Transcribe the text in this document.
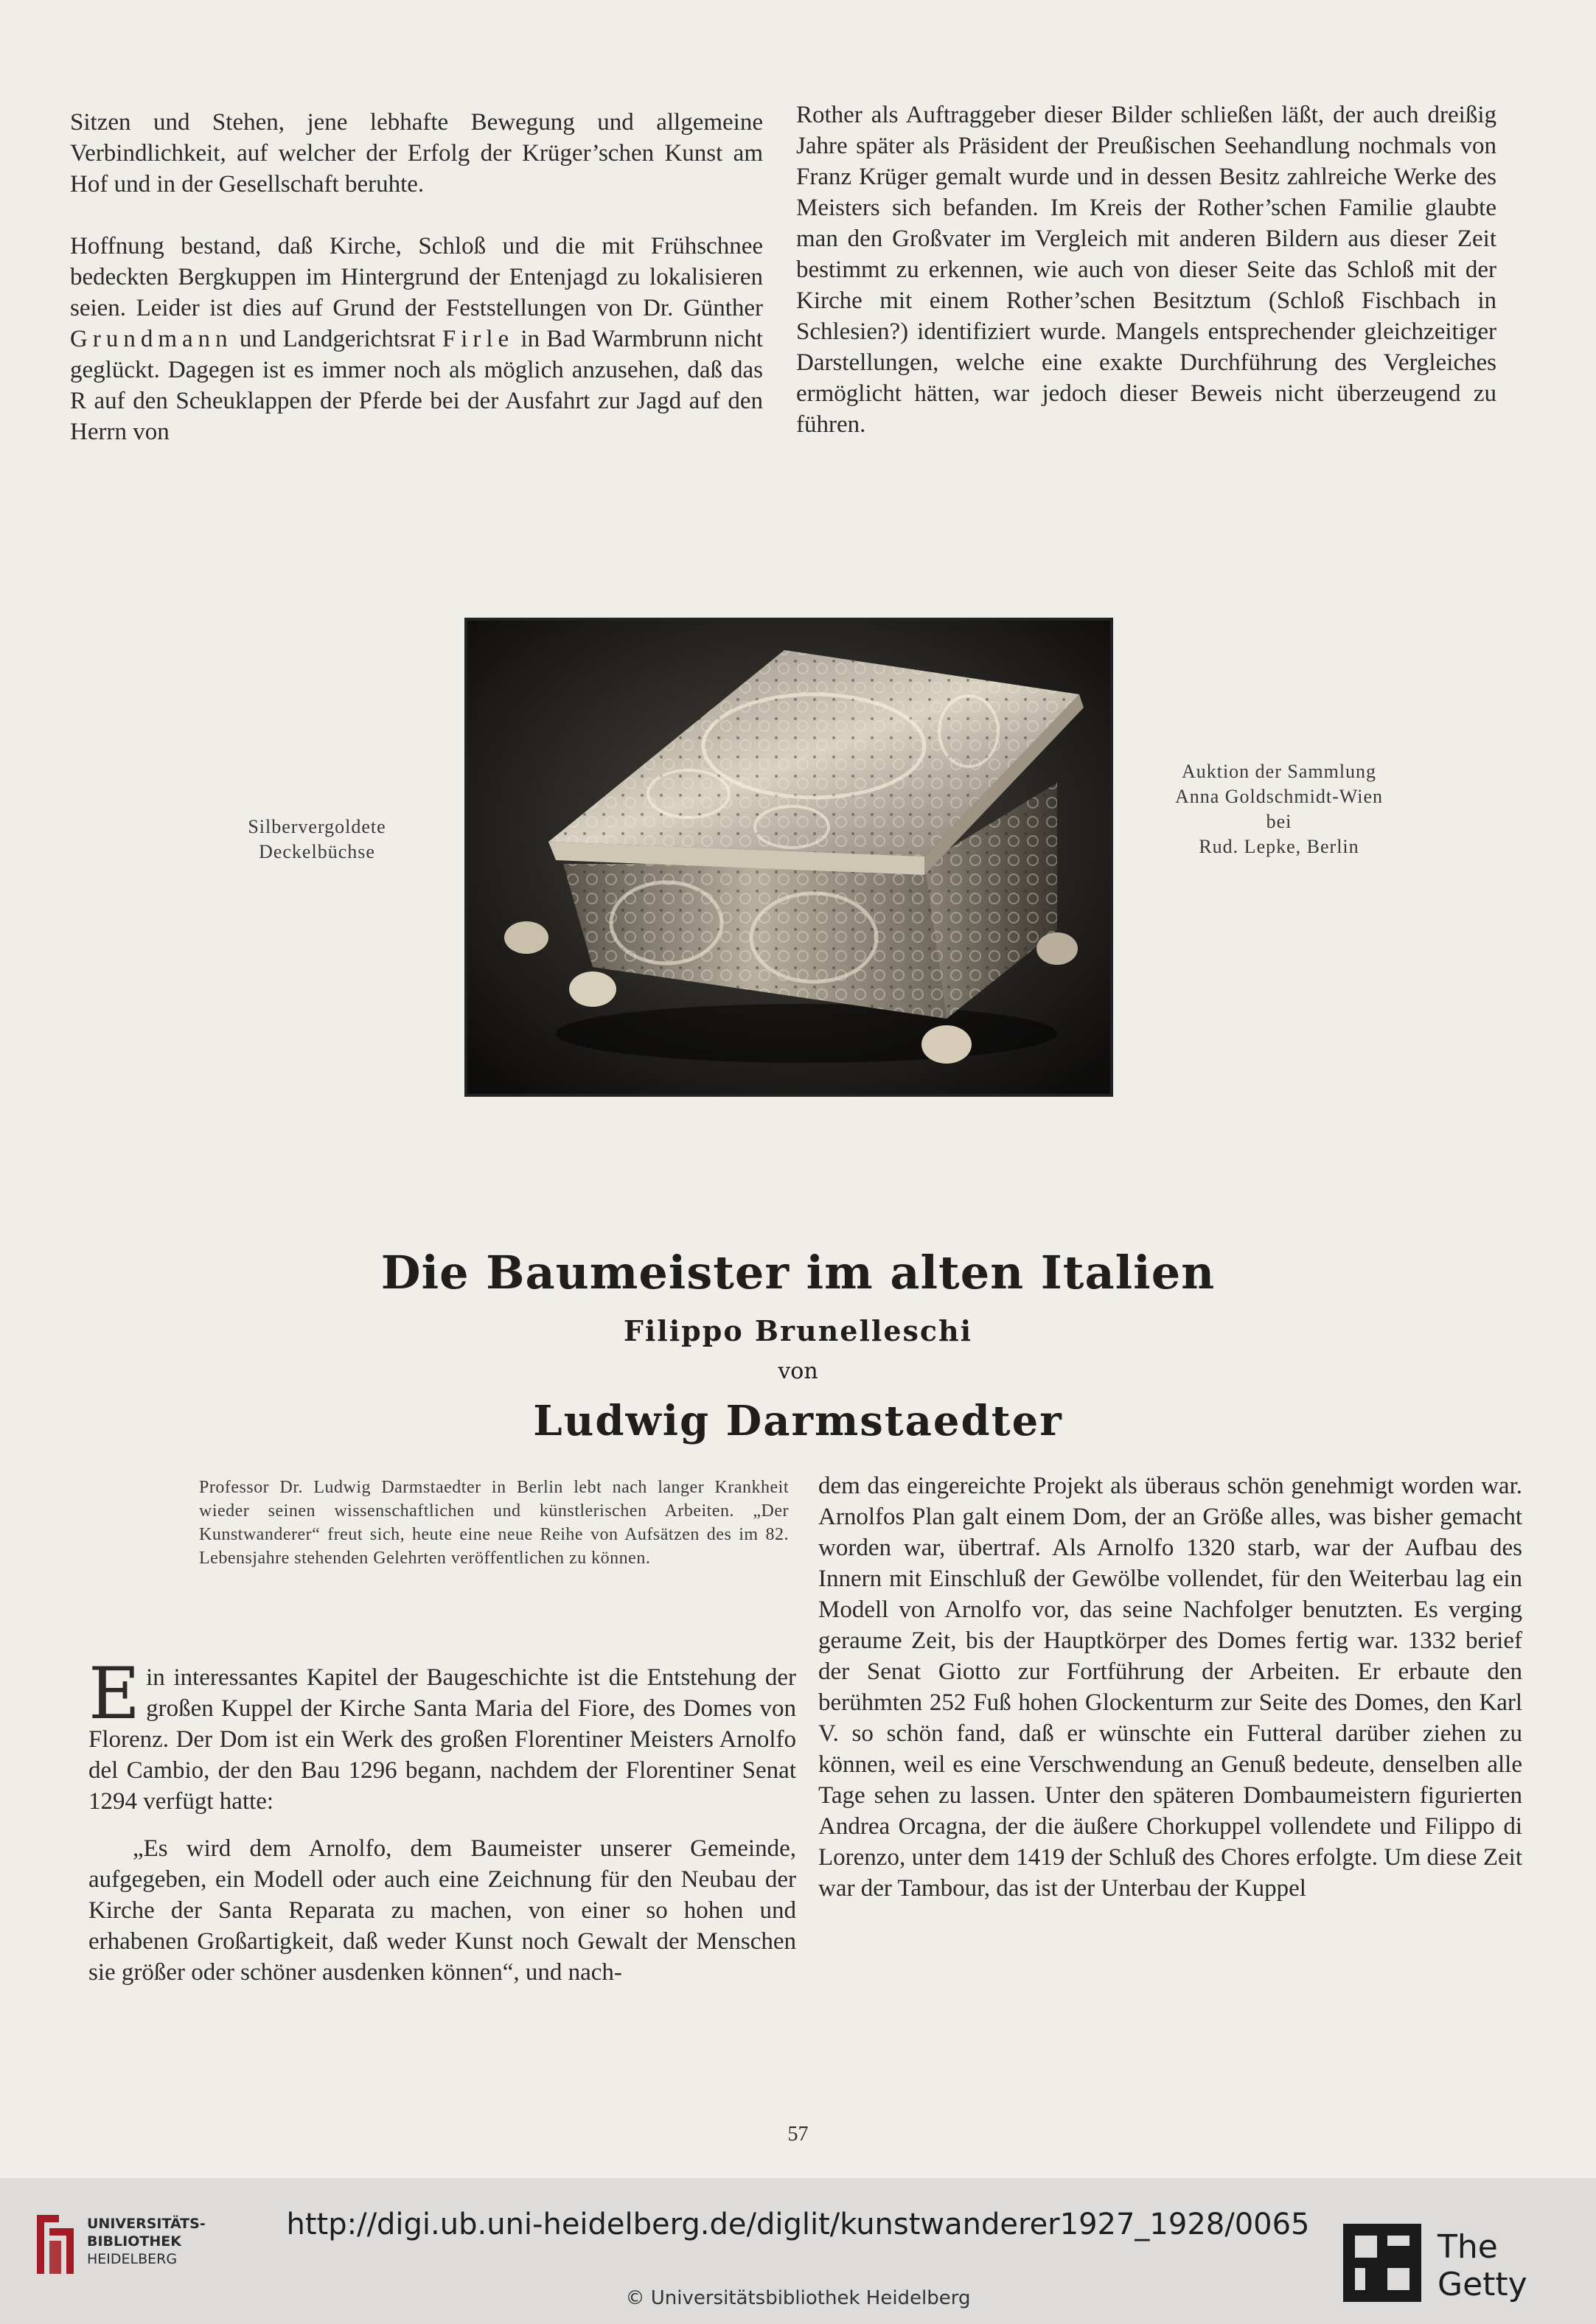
Sitzen und Stehen, jene lebhafte Bewegung und allgemeine Verbindlichkeit, auf welcher der Erfolg der Krüger’schen Kunst am Hof und in der Gesellschaft beruhte.

Hoffnung bestand, daß Kirche, Schloß und die mit Frühschnee bedeckten Bergkuppen im Hintergrund der Entenjagd zu lokalisieren seien. Leider ist dies auf Grund der Feststellungen von Dr. Günther Grundmann und Landgerichtsrat Firle in Bad Warmbrunn nicht geglückt. Dagegen ist es immer noch als möglich anzusehen, daß das R auf den Scheuklappen der Pferde bei der Ausfahrt zur Jagd auf den Herrn von

Rother als Auftraggeber dieser Bilder schließen läßt, der auch dreißig Jahre später als Präsident der Preußischen Seehandlung nochmals von Franz Krüger gemalt wurde und in dessen Besitz zahlreiche Werke des Meisters sich befanden. Im Kreis der Rother’schen Familie glaubte man den Großvater im Vergleich mit anderen Bildern aus dieser Zeit bestimmt zu erkennen, wie auch von dieser Seite das Schloß mit der Kirche mit einem Rother’schen Besitztum (Schloß Fischbach in Schlesien?) identifiziert wurde. Mangels entsprechender gleichzeitiger Darstellungen, welche eine exakte Durchführung des Vergleiches ermöglicht hätten, war jedoch dieser Beweis nicht überzeugend zu führen.

Silbervergoldete
Deckelbüchse
Auktion der Sammlung
Anna Goldschmidt-Wien
bei
Rud. Lepke, Berlin
Die Baumeister im alten Italien
Filippo Brunelleschi
von
Ludwig Darmstaedter
Professor Dr. Ludwig Darmstaedter in Berlin lebt nach langer Krankheit wieder seinen wissenschaftlichen und künstlerischen Arbeiten. „Der Kunstwanderer“ freut sich, heute eine neue Reihe von Aufsätzen des im 82. Lebensjahre stehenden Gelehrten veröffentlichen zu können.

Ein interessantes Kapitel der Baugeschichte ist die Entstehung der großen Kuppel der Kirche Santa Maria del Fiore, des Domes von Florenz. Der Dom ist ein Werk des großen Florentiner Meisters Arnolfo del Cambio, der den Bau 1296 begann, nachdem der Florentiner Senat 1294 verfügt hatte:

„Es wird dem Arnolfo, dem Baumeister unserer Gemeinde, aufgegeben, ein Modell oder auch eine Zeichnung für den Neubau der Kirche der Santa Reparata zu machen, von einer so hohen und erhabenen Großartigkeit, daß weder Kunst noch Gewalt der Menschen sie größer oder schöner ausdenken können“, und nach-

dem das eingereichte Projekt als überaus schön genehmigt worden war. Arnolfos Plan galt einem Dom, der an Größe alles, was bisher gemacht worden war, übertraf. Als Arnolfo 1320 starb, war der Aufbau des Innern mit Einschluß der Gewölbe vollendet, für den Weiterbau lag ein Modell von Arnolfo vor, das seine Nachfolger benutzten. Es verging geraume Zeit, bis der Hauptkörper des Domes fertig war. 1332 berief der Senat Giotto zur Fortführung der Arbeiten. Er erbaute den berühmten 252 Fuß hohen Glockenturm zur Seite des Domes, den Karl V. so schön fand, daß er wünschte ein Futteral darüber ziehen zu können, weil es eine Verschwendung an Genuß bedeute, denselben alle Tage sehen zu lassen. Unter den späteren Dombaumeistern figurierten Andrea Orcagna, der die äußere Chorkuppel vollendete und Filippo di Lorenzo, unter dem 1419 der Schluß des Chores erfolgte. Um diese Zeit war der Tambour, das ist der Unterbau der Kuppel

57
UNIVERSITÄTS-
BIBLIOTHEK
HEIDELBERG
http://digi.ub.uni-heidelberg.de/diglit/kunstwanderer1927_1928/0065
© Universitätsbibliothek Heidelberg
The Getty
